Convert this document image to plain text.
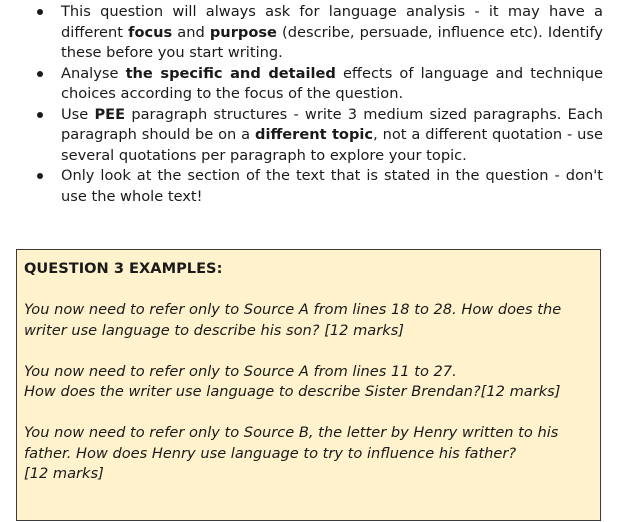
This question will always ask for language analysis - it may have a different focus and purpose (describe, persuade, influence etc). Identify these before you start writing.
Analyse the specific and detailed effects of language and technique choices according to the focus of the question.
Use PEE paragraph structures - write 3 medium sized paragraphs. Each paragraph should be on a different topic, not a different quotation - use several quotations per paragraph to explore your topic.
Only look at the section of the text that is stated in the question - don't use the whole text!

QUESTION 3 EXAMPLES:

You now need to refer only to Source A from lines 18 to 28. How does the writer use language to describe his son? [12 marks]

You now need to refer only to Source A from lines 11 to 27.
How does the writer use language to describe Sister Brendan?[12 marks]

You now need to refer only to Source B, the letter by Henry written to his father. How does Henry use language to try to influence his father?
[12 marks]
